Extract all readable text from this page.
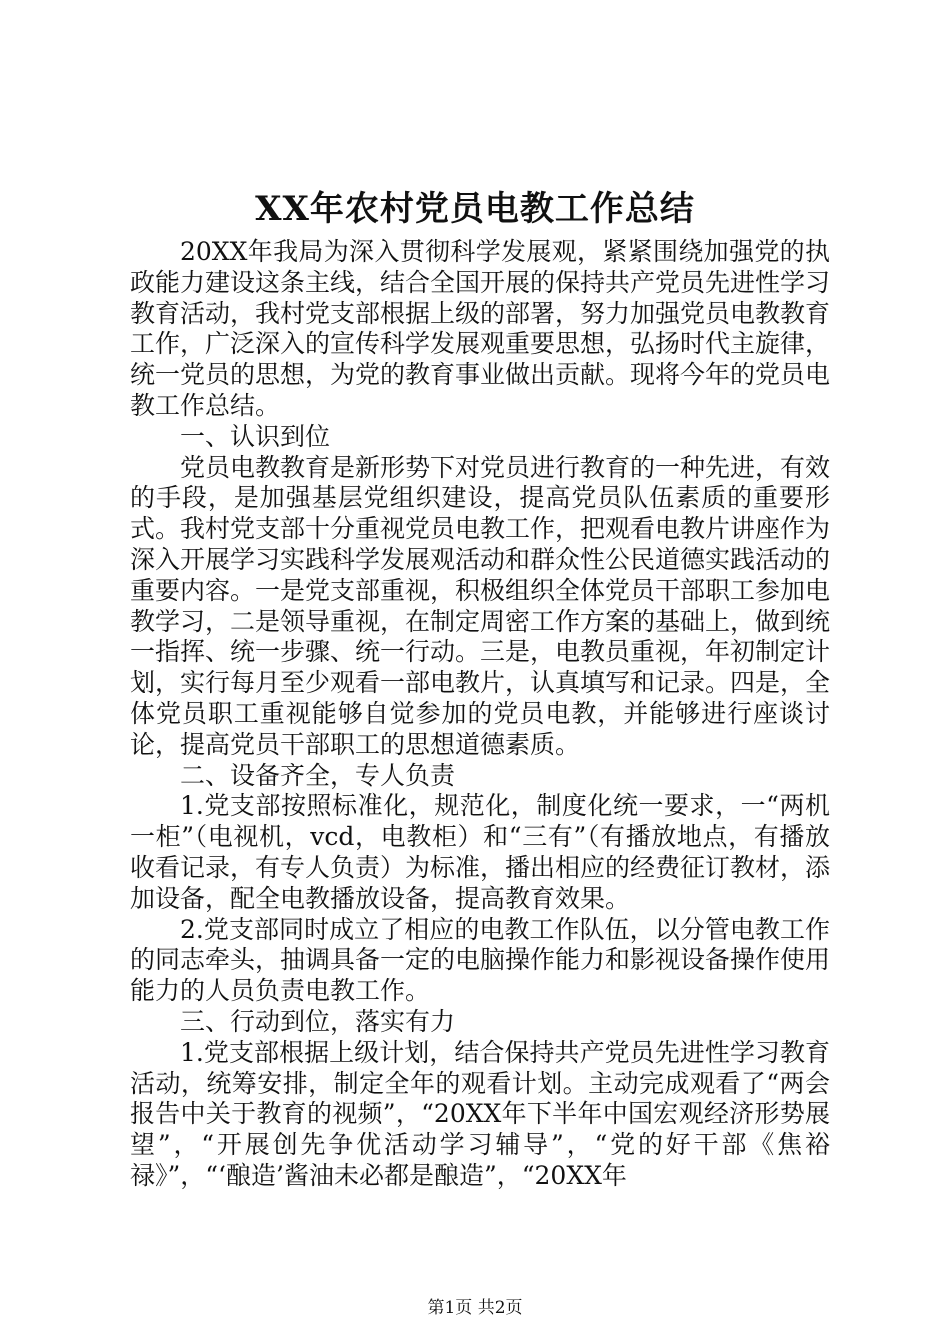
XX年农村党员电教工作总结

20XX年我局为深入贯彻科学发展观，紧紧围绕加强党的执政能力建设这条主线，结合全国开展的保持共产党员先进性学习教育活动，我村党支部根据上级的部署，努力加强党员电教教育工作，广泛深入的宣传科学发展观重要思想，弘扬时代主旋律，统一党员的思想，为党的教育事业做出贡献。现将今年的党员电教工作总结。

一、认识到位

党员电教教育是新形势下对党员进行教育的一种先进，有效的手段，是加强基层党组织建设，提高党员队伍素质的重要形式。我村党支部十分重视党员电教工作，把观看电教片讲座作为深入开展学习实践科学发展观活动和群众性公民道德实践活动的重要内容。一是党支部重视，积极组织全体党员干部职工参加电教学习，二是领导重视，在制定周密工作方案的基础上，做到统一指挥、统一步骤、统一行动。三是，电教员重视，年初制定计划，实行每月至少观看一部电教片，认真填写和记录。四是，全体党员职工重视能够自觉参加的党员电教，并能够进行座谈讨论，提高党员干部职工的思想道德素质。

二、设备齐全，专人负责

1.党支部按照标准化，规范化，制度化统一要求，一“两机一柜”（电视机，vcd，电教柜）和“三有”（有播放地点，有播放收看记录，有专人负责）为标准，播出相应的经费征订教材，添加设备，配全电教播放设备，提高教育效果。

2.党支部同时成立了相应的电教工作队伍，以分管电教工作的同志牵头，抽调具备一定的电脑操作能力和影视设备操作使用能力的人员负责电教工作。

三、行动到位，落实有力

1.党支部根据上级计划，结合保持共产党员先进性学习教育活动，统筹安排，制定全年的观看计划。主动完成观看了“两会报告中关于教育的视频”，“20XX年下半年中国宏观经济形势展望”，“开展创先争优活动学习辅导”，“党的好干部《焦裕禄》”，“‘酿造’酱油未必都是酿造”，“20XX年

第1页 共2页
